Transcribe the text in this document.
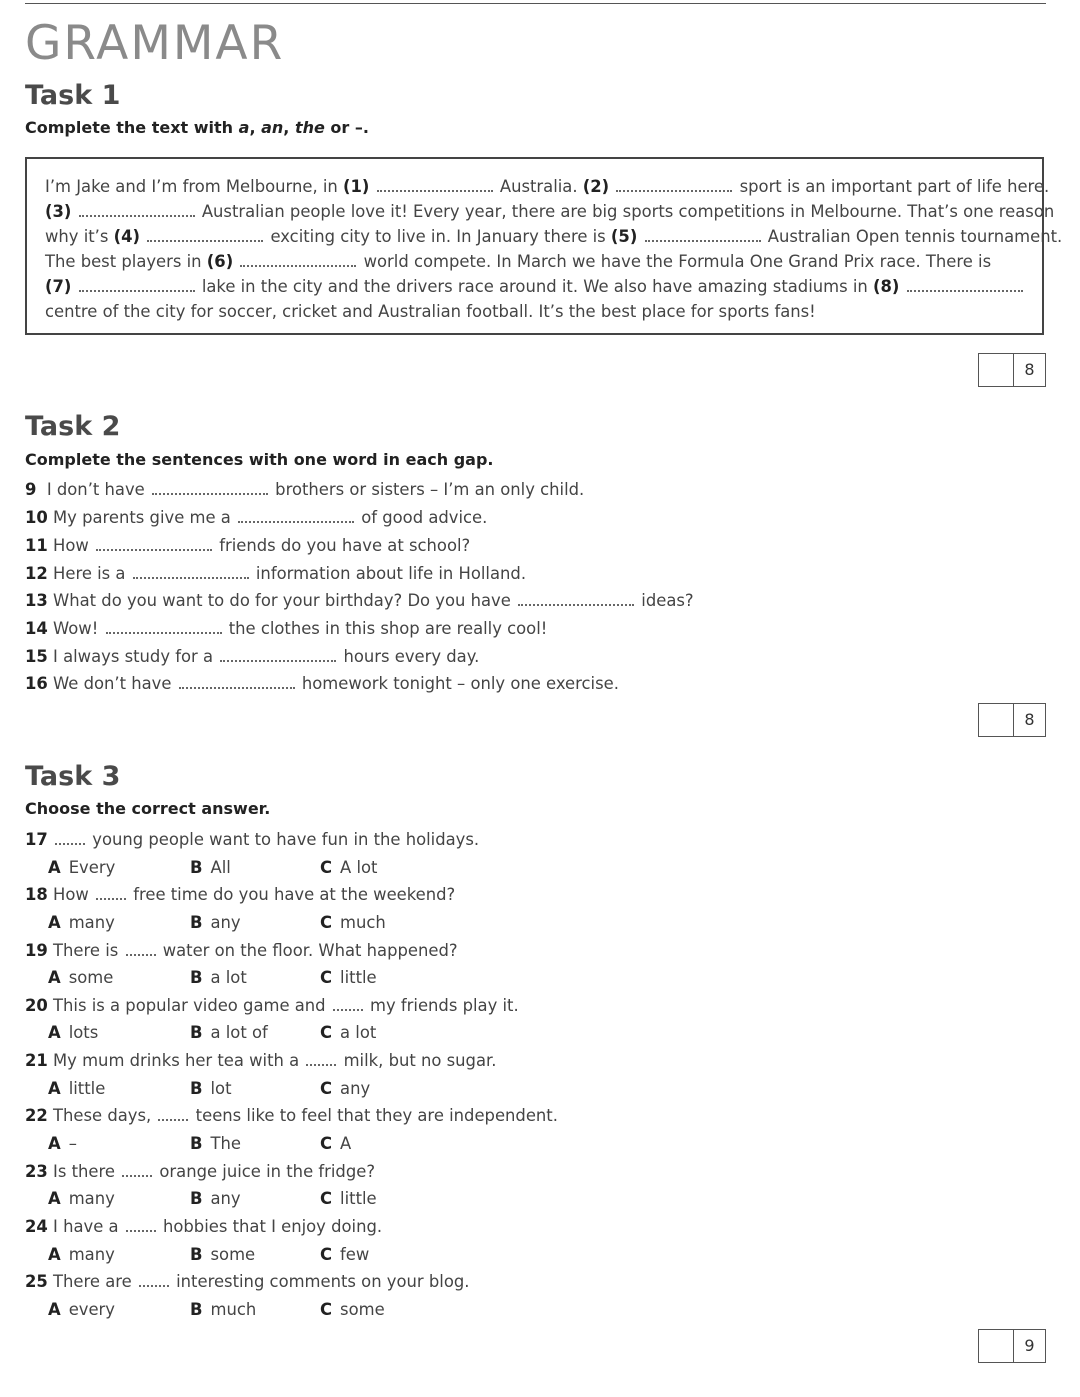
GRAMMAR
Task 1
Complete the text with a, an, the or –.
I’m Jake and I’m from Melbourne, in (1)	Australia. (2)	sport is an important part of life here.
(3)	Australian people love it! Every year, there are big sports competitions in Melbourne. That’s one reason
why it’s (4)	exciting city to live in. In January there is (5)	Australian Open tennis tournament.
The best players in (6)	world compete. In March we have the Formula One Grand Prix race. There is
(7)	lake in the city and the drivers race around it. We also have amazing stadiums in (8)
centre of the city for soccer, cricket and Australian football. It’s the best place for sports fans!
8
Task 2
Complete the sentences with one word in each gap.
9 I don’t have	brothers or sisters – I’m an only child.
10 My parents give me a	of good advice.
11 How	friends do you have at school?
12 Here is a	information about life in Holland.
13 What do you want to do for your birthday? Do you have	ideas?
14 Wow!	the clothes in this shop are really cool!
15 I always study for a	hours every day.
16 We don’t have	homework tonight – only one exercise.
8
Task 3
Choose the correct answer.
17  young people want to have fun in the holidays.
A Every	B All	C A lot
18 How  free time do you have at the weekend?
A many	B any	C much
19 There is  water on the floor. What happened?
A some	B a lot	C little
20 This is a popular video game and  my friends play it.
A lots	B a lot of	C a lot
21 My mum drinks her tea with a  milk, but no sugar.
A little	B lot	C any
22 These days,  teens like to feel that they are independent.
A –	B The	C A
23 Is there  orange juice in the fridge?
A many	B any	C little
24 I have a  hobbies that I enjoy doing.
A many	B some	C few
25 There are  interesting comments on your blog.
A every	B much	C some
9
